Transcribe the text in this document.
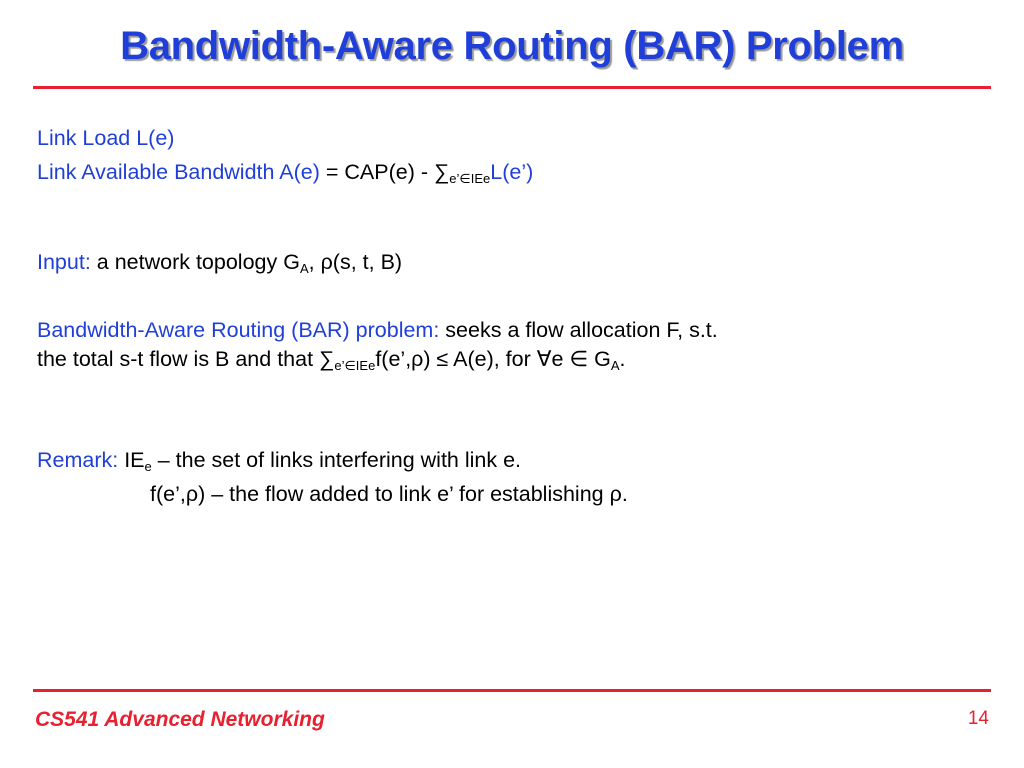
Bandwidth-Aware Routing (BAR) Problem
Link Load L(e)
Link Available Bandwidth $A(e) = CAP(e) - \sum_{e’\in IEe}L(e’)$
Input: a network topology $G_A$, ρ(s, t, B)
Bandwidth-Aware Routing (BAR) problem: seeks a flow allocation F, s.t.
the total s-t flow is B and that $\sum_{e’\in IEe}f(e’,\rho) \le A(e)$, for ∀e ∈ $G_A$.
Remark: $IE_e$ – the set of links interfering with link e.
f(e’,ρ) – the flow added to link e’ for establishing ρ.
CS541 Advanced Networking	14
